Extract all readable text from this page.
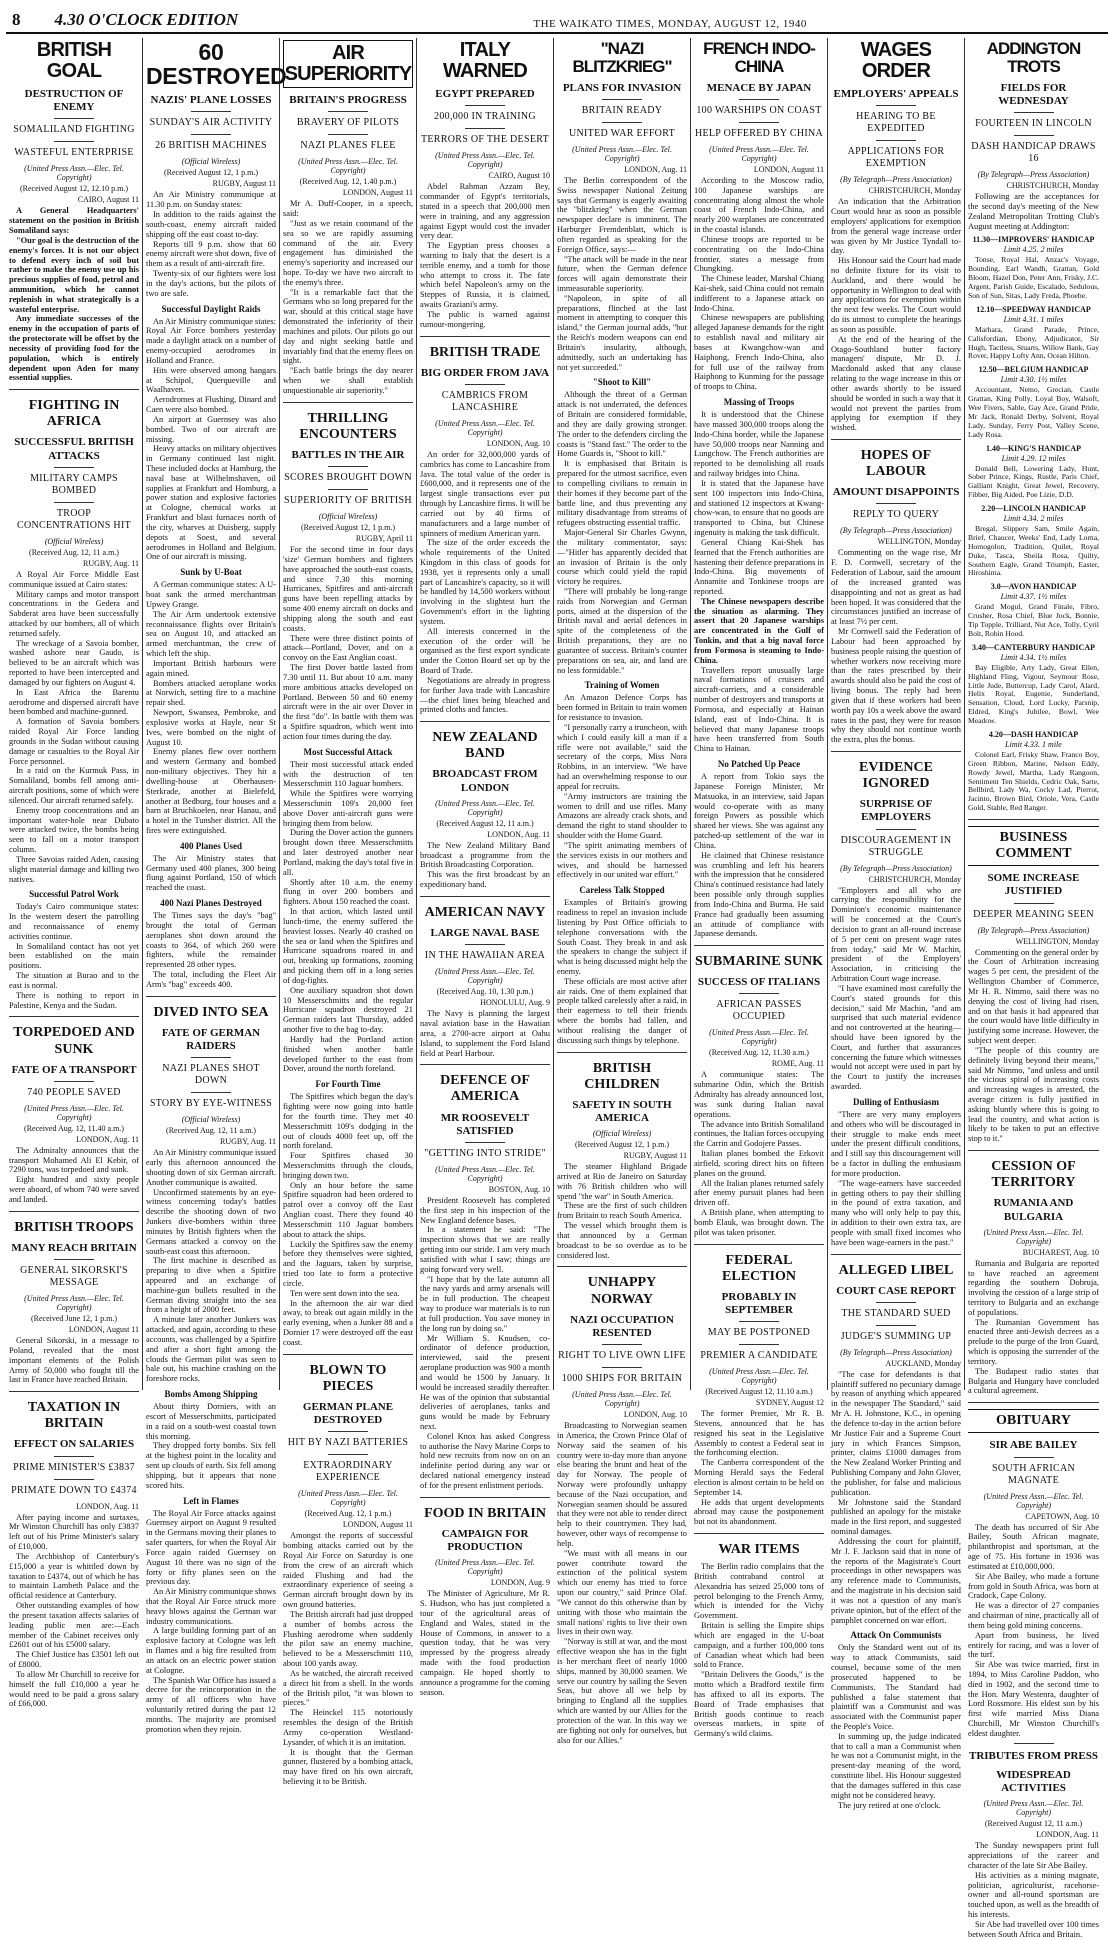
8 4.30 O'CLOCK EDITION	THE WAIKATO TIMES, MONDAY, AUGUST 12, 1940
BRITISH GOAL
DESTRUCTION OF ENEMY
SOMALILAND FIGHTING
WASTEFUL ENTERPRISE
(United Press Assn.—Elec. Tel. Copyright)
(Received August 12, 12.10 p.m.)
CAIRO, August 11

A General Headquarters' statement on the position in British Somaliland says:

"Our goal is the destruction of the enemy's forces. It is not our object to defend every inch of soil but rather to make the enemy use up his precious supplies of food, petrol and ammunition, which he cannot replenish in what strategically is a wasteful enterprise.

Any immediate successes of the enemy in the occupation of parts of the protectorate will be offset by the necessity of providing food for the population, which is entirely dependent upon Aden for many essential supplies.

FIGHTING IN AFRICA
SUCCESSFUL BRITISH ATTACKS
MILITARY CAMPS BOMBED
TROOP CONCENTRATIONS HIT
(Official Wireless)
(Received Aug. 12, 11 a.m.)
RUGBY, Aug. 11

A Royal Air Force Middle East communique issued at Cairo states:

Military camps and motor transport concentrations in the Gedera and Sabderat area have been successfully attacked by our bombers, all of which returned safely.

The wreckage of a Savoia bomber, washed ashore near Gaudo, is believed to be an aircraft which was reported to have been intercepted and damaged by our fighters on August 4.

In East Africa the Barentu aerodrome and dispersed aircraft have been bombed and machine-gunned.

A formation of Savoia bombers raided Royal Air Force landing grounds in the Sudan without causing damage or casualties to the Royal Air Force personnel.

In a raid on the Kurmuk Pass, in Somaliland, bombs fell among anti-aircraft positions, some of which were silenced. Our aircraft returned safely.

Enemy troop concentrations and an important water-hole near Dubato were attacked twice, the bombs being seen to fall on a motor transport column.

Three Savoias raided Aden, causing slight material damage and killing two natives.

Successful Patrol Work

Today's Cairo communique states: In the western desert the patrolling and reconnaissance of enemy activities continue.

In Somaliland contact has not yet been established on the main positions.

The situation at Burao and to the east is normal.

There is nothing to report in Palestine, Kenya and the Sudan.

TORPEDOED AND SUNK
FATE OF A TRANSPORT
740 PEOPLE SAVED
(United Press Assn.—Elec. Tel. Copyright)
(Received Aug. 12, 11.40 a.m.)
LONDON, Aug. 11

The Admiralty announces that the transport Mohamed Ali El Kebir, of 7290 tons, was torpedoed and sunk.

Eight hundred and sixty people were aboard, of whom 740 were saved and landed.

BRITISH TROOPS
MANY REACH BRITAIN
GENERAL SIKORSKI'S MESSAGE
(United Press Assn.—Elec. Tel. Copyright)
(Received June 12, 1 p.m.)
LONDON, August 11

General Sikorski, in a message to Poland, revealed that the most important elements of the Polish Army of 50,000 who fought till the last in France have reached Britain.

TAXATION IN BRITAIN
EFFECT ON SALARIES
PRIME MINISTER'S £3837
PRIMATE DOWN TO £4374
LONDON, Aug. 11

After paying income and surtaxes, Mr Winston Churchill has only £3837 left out of his Prime Minister's salary of £10,000.

The Archbishop of Canterbury's £15,000 a year is whittled down by taxation to £4374, out of which he has to maintain Lambeth Palace and the official residence at Canterbury.

Other outstanding examples of how the present taxation affects salaries of leading public men are:—Each member of the Cabinet receives only £2601 out of his £5000 salary.

The Chief Justice has £3501 left out of £8000.

To allow Mr Churchill to receive for himself the full £10,000 a year he would need to be paid a gross salary of £66,000.

60 DESTROYED
NAZIS' PLANE LOSSES
SUNDAY'S AIR ACTIVITY
26 BRITISH MACHINES
(Official Wireless)
(Received August 12, 1 p.m.)
RUGBY, August 11

An Air Ministry communique at 11.30 p.m. on Sunday states:

In addition to the raids against the south-coast, enemy aircraft raided shipping off the east coast to-day.

Reports till 9 p.m. show that 60 enemy aircraft were shot down, five of them as a result of anti-aircraft fire.

Twenty-six of our fighters were lost in the day's actions, but the pilots of two are safe.

Successful Daylight Raids

An Air Ministry communique states: Royal Air Force bombers yesterday made a daylight attack on a number of enemy-occupied aerodromes in Holland and France.

Hits were observed among hangars at Schipol, Querqueville and Waalhaven.

Aerodromes at Flushing, Dinard and Caen were also bombed.

An airport at Guernsey was also bombed. Two of our aircraft are missing.

Heavy attacks on military objectives in Germany continued last night. These included docks at Hamburg, the naval base at Wilhelmshaven, oil supplies at Frankfurt and Homburg, a power station and explosive factories at Cologne, chemical works at Frankfurt and blast furnaces north of the city, wharves at Duisberg, supply depots at Soest, and several aerodromes in Holland and Belgium. One of our aircraft is missing.

Sunk by U-Boat

A German communique states: A U-boat sank the armed merchantman Upwey Grange.

The Air Arm undertook extensive reconnaissance flights over Britain's sea on August 10, and attacked an armed merchantman, the crew of which left the ship.

Important British harbours were again mined.

Bombers attacked aeroplane works at Norwich, setting fire to a machine repair shed.

Newport, Swansea, Pembroke, and explosive works at Hayle, near St Ives, were bombed on the night of August 10.

Enemy planes flew over northern and western Germany and bombed non-military objectives. They hit a dwelling-house at Oberhausen-Sterkrade, another at Bielefeld, another at Bedburg, four houses and a barn at Bruchkoelen, near Hanau, and a hotel in the Tunsher district. All the fires were extinguished.

400 Planes Used

The Air Ministry states that Germany used 400 planes, 300 being flung against Portland, 150 of which reached the coast.

400 Nazi Planes Destroyed

The Times says the day's "bag" brought the total of German aeroplanes shot down around the coasts to 364, of which 260 were fighters, while the remainder represented 28 other types.

The total, including the Fleet Air Arm's "bag" exceeds 400.

DIVED INTO SEA
FATE OF GERMAN RAIDERS
NAZI PLANES SHOT DOWN
STORY BY EYE-WITNESS
(Official Wireless)
(Received Aug. 12, 11 a.m.)
RUGBY, Aug. 11

An Air Ministry communique issued early this afternoon announced the shooting down of six German aircraft. Another communique is awaited.

Unconfirmed statements by an eye-witness concerning today's battles describe the shooting down of two Junkers dive-bombers within three minutes by British fighters when the Germans attacked a convoy on the south-east coast this afternoon.

The first machine is described as preparing to dive when a Spitfire appeared and an exchange of machine-gun bullets resulted in the German diving straight into the sea from a height of 2000 feet.

A minute later another Junkers was attacked, and again, according to these accounts, was challenged by a Spitfire and after a short fight among the clouds the German pilot was seen to bale out, his machine crashing on the foreshore rocks.

Bombs Among Shipping

About thirty Dorniers, with an escort of Messerschmitts, participated in a raid on a south-west coastal town this morning.

They dropped forty bombs. Six fell at the highest point in the locality and sent up clouds of earth. Six fell among shipping, but it appears that none scored hits.

Left in Flames

The Royal Air Force attacks against Guernsey airport on August 9 resulted in the Germans moving their planes to safer quarters, for when the Royal Air Force again raided Guernsey on August 10 there was no sign of the forty or fifty planes seen on the previous day.

An Air Ministry communique shows that the Royal Air Force struck more heavy blows against the German war industry communications.

A large building forming part of an explosive factory at Cologne was left in flames and a big fire resulted from an attack on an electric power station at Cologne.

The Spanish War Office has issued a decree for the reincorporation in the army of all officers who have voluntarily retired during the past 12 months. The majority are promised promotion when they rejoin.

AIR SUPERIORITY
BRITAIN'S PROGRESS
BRAVERY OF PILOTS
NAZI PLANES FLEE
(United Press Assn.—Elec. Tel. Copyright)
(Received Aug. 12, 1.40 p.m.)
LONDON, August 11

Mr A. Duff-Cooper, in a speech, said:

"Just as we retain command of the sea so we are rapidly assuming command of the air. Every engagement has diminished the enemy's superiority and increased our hope. To-day we have two aircraft to the enemy's three.

"It is a remarkable fact that the Germans who so long prepared for the war, should at this critical stage have demonstrated the inferiority of their machines and pilots. Our pilots go out day and night seeking battle and invariably find that the enemy flees on sight.

"Each battle brings the day nearer when we shall establish unquestionable air superiority."

THRILLING ENCOUNTERS
BATTLES IN THE AIR
SCORES BROUGHT DOWN
SUPERIORITY OF BRITISH
(Official Wireless)
(Received August 12, 1 p.m.)
RUGBY, April 11

For the second time in four days 'size' German bombers and fighters have approached the south-east coasts, and since 7.30 this morning Hurricanes, Spitfires and anti-aircraft guns have been repelling attacks by some 400 enemy aircraft on docks and shipping along the south and east coasts.

There were three distinct points of attack—Portland, Dover, and on a convoy on the East Anglian coast.

The first Dover battle lasted from 7.30 until 11. But about 10 a.m. many more ambitious attacks developed on Portland. Between 50 and 60 enemy aircraft were in the air over Dover in the first "do". In battle with them was a Spitfire squadron, which went into action four times during the day.

Most Successful Attack

Their most successful attack ended with the destruction of ten Messerschmitt 110 Jaguar bombers.

While the Spitfires were worrying Messerschmitt 109's 20,000 feet above Dover anti-aircraft guns were bringing them from below.

During the Dover action the gunners brought down three Messerschmitts and later destroyed another near Portland, making the day's total five in all.

Shortly after 10 a.m. the enemy flung in over 200 bombers and fighters. About 150 reached the coast.

In that action, which lasted until lunch-time, the enemy suffered the heaviest losses. Nearly 40 crashed on the sea or land when the Spitfires and Hurricane squadrons roared in and out, breaking up formations, zooming and picking them off in a long series of dog-fights.

One auxiliary squadron shot down 10 Messerschmitts and the regular Hurricane squadron destroyed 21 German raiders last Thursday, added another five to the bag to-day.

Hardly had the Portland action finished when another battle developed further to the east from Dover, around the north foreland.

For Fourth Time

The Spitfires which began the day's fighting were now going into battle for the fourth time. They met 40 Messerschmitt 109's dodging in the out of clouds 4000 feet up, off the north foreland.

Four Spitfires chased 30 Messerschmitts through the clouds, bringing down two.

Only an hour before the same Spitfire squadron had been ordered to patrol over a convoy off the East Anglian coast. There they found 40 Messerschmitt 110 Jaguar bombers about to attack the ships.

Luckily the Spitfires saw the enemy before they themselves were sighted, and the Jaguars, taken by surprise, tried too late to form a protective circle.

Ten were sent down into the sea.

In the afternoon the air war died away, to break out again mildly in the early evening, when a Junker 88 and a Dornier 17 were destroyed off the east coast.

BLOWN TO PIECES
GERMAN PLANE DESTROYED
HIT BY NAZI BATTERIES
EXTRAORDINARY EXPERIENCE
(United Press Assn.—Elec. Tel. Copyright)
(Received Aug. 12, 1 p.m.)
LONDON, August 11

Amongst the reports of successful bombing attacks carried out by the Royal Air Force on Saturday is one from the crew of an aircraft which raided Flushing and had the extraordinary experience of seeing a German aircraft brought down by its own ground batteries.

The British aircraft had just dropped a number of bombs across the Flushing aerodrome when suddenly the pilot saw an enemy machine, believed to be a Messerschmitt 110, about 100 yards away.

As he watched, the aircraft received a direct hit from a shell. In the words of the British pilot, "it was blown to pieces."

The Heinckel 115 notoriously resembles the design of the British Army co-operation Westland-Lysander, of which it is an imitation.

It is thought that the German gunner, flustered by a bombing attack, may have fired on his own aircraft, believing it to be British.

ITALY WARNED
EGYPT PREPARED
200,000 IN TRAINING
TERRORS OF THE DESERT
(United Press Assn.—Elec. Tel. Copyright)
CAIRO, August 10

Abdel Rahman Azzam Bey, commander of Egypt's territorials, stated in a speech that 200,000 men were in training, and any aggression against Egypt would cost the invader very dear.

The Egyptian press chooses a warning to Italy that the desert is a terrible enemy, and a tomb for those who attempt to cross it. The fate which befel Napoleon's army on the Steppes of Russia, it is claimed, awaits Graziani's army.

The public is warned against rumour-mongering.

BRITISH TRADE
BIG ORDER FROM JAVA
CAMBRICS FROM LANCASHIRE
(United Press Assn.—Elec. Tel. Copyright)
LONDON, Aug. 10

An order for 32,000,000 yards of cambrics has come to Lancashire from Java. The total value of the order is £600,000, and it represents one of the largest single transactions ever put through by Lancashire firms. It will be carried out by 40 firms of manufacturers and a large number of spinners of medium American yarn.

The size of the order exceeds the whole requirements of the United Kingdom in this class of goods for 1938, yet it represents only a small part of Lancashire's capacity, so it will be handled by 14,500 workers without involving in the slightest hurt the Government's effort in the lighting system.

All interests concerned in the execution of the order will be organised as the first export syndicate under the Cotton Board set up by the Board of Trade.

Negotiations are already in progress for further Java trade with Lancashire—the chief lines being bleached and printed cloths and fancies.

NEW ZEALAND BAND
BROADCAST FROM LONDON
(United Press Assn.—Elec. Tel. Copyright)
(Received August 12, 11 a.m.)
LONDON, Aug. 11

The New Zealand Military Band broadcast a programme from the British Broadcasting Corporation.

This was the first broadcast by an expeditionary band.

AMERICAN NAVY
LARGE NAVAL BASE
IN THE HAWAIIAN AREA
(United Press Assn.—Elec. Tel. Copyright)
(Received Aug. 10, 1.30 p.m.)
HONOLULU, Aug. 9

The Navy is planning the largest naval aviation base in the Hawaiian area, a 2700-acre airport at Oahu Island, to supplement the Ford Island field at Pearl Harbour.

DEFENCE OF AMERICA
MR ROOSEVELT SATISFIED
"GETTING INTO STRIDE"
(United Press Assn.—Elec. Tel. Copyright)
BOSTON, Aug. 10

President Roosevelt has completed the first step in his inspection of the New England defence bases.

In a statement he said: "The inspection shows that we are really getting into our stride. I am very much satisfied with what I saw; things are going forward very well.

"I hope that by the late autumn all the navy yards and army arsenals will be in full production. The cheapest way to produce war materials is to run at full production. You save money in the long run by doing so."

Mr William S. Knudsen, co-ordinator of defence production, interviewed, said the present aeroplane production was 900 a month and would be 1500 by January. It would be increased steadily thereafter. He was of the opinion that substantial deliveries of aeroplanes, tanks and guns would be made by February next.

Colonel Knox has asked Congress to authorise the Navy Marine Corps to hold new recruits from now on on an indefinite period during any war or declared national emergency instead of for the present enlistment periods.

FOOD IN BRITAIN
CAMPAIGN FOR PRODUCTION
(United Press Assn.—Elec. Tel. Copyright)
LONDON, Aug. 9

The Minister of Agriculture, Mr R. S. Hudson, who has just completed a tour of the agricultural areas of England and Wales, stated in the House of Commons, in answer to a question today, that he was very impressed by the progress already made with the food production campaign. He hoped shortly to announce a programme for the coming season.

"NAZI BLITZKRIEG"
PLANS FOR INVASION
BRITAIN READY
UNITED WAR EFFORT
(United Press Assn.—Elec. Tel. Copyright)
LONDON, Aug. 11

The Berlin correspondent of the Swiss newspaper National Zeitung says that Germany is eagerly awaiting the "blitzkrieg" when the German newspaper declare is imminent. The Harburger Fremdenblatt, which is often regarded as speaking for the Foreign Office, says:—

"The attack will be made in the near future, when the German defence forces will again demonstrate their immeasurable superiority.

"Napoleon, in spite of all preparations, flinched at the last moment in attempting to conquer this island," the German journal adds, "but the Reich's modern weapons can end Britain's insularity, although, admittedly, such an undertaking has not yet succeeded."

"Shoot to Kill"

Although the threat of a German attack is not underrated, the defences of Britain are considered formidable, and they are daily growing stronger. The order to the defenders circling the coasts is "Stand fast." The order to the Home Guards is, "Shoot to kill."

It is emphasised that Britain is prepared for the utmost sacrifice, even to compelling civilians to remain in their homes if they become part of the battle line, and thus preventing any military disadvantage from streams of refugees obstructing essential traffic.

Major-General Sir Charles Gwynn, the military commentator, says:—"Hitler has apparently decided that an invasion of Britain is the only course which could yield the rapid victory he requires.

"There will probably be long-range raids from Norwegian and German ports, aimed at the dispersion of the British naval and aerial defences in spite of the completeness of the British preparations, they are no guarantee of success. Britain's counter preparations on sea, air, and land are no less formidable."

Training of Women

An Amazon Defence Corps has been formed in Britain to train women for resistance to invasion.

"I personally carry a truncheon, with which I could easily kill a man if a rifle were not available," said the secretary of the corps, Miss Nora Robbins, in an interview. "We have had an overwhelming response to our appeal for recruits.

"Army instructors are training the women to drill and use rifles. Many Amazons are already crack shots, and demand the right to stand shoulder to shoulder with the Home Guard.

"The spirit animating members of the services exists in our mothers and wives, and should be harnessed effectively in our united war effort."

Careless Talk Stopped

Examples of Britain's growing readiness to repel an invasion include listening by Post Office officials to telephone conversations with the South Coast. They break in and ask the speakers to change the subject if what is being discussed might help the enemy.

These officials are most active after air raids. One of them explained that people talked carelessly after a raid, in their eagerness to tell their friends where the bombs had fallen, and without realising the danger of discussing such things by telephone.

BRITISH CHILDREN
SAFETY IN SOUTH AMERICA
(Official Wireless)
(Received August 12, 1 p.m.)
RUGBY, August 11

The steamer Highland Brigade arrived at Rio de Janeiro on Saturday with 76 British children who will spend "the war" in South America.

These are the first of such children from Britain to reach South America.

The vessel which brought them is that announced by a German broadcast to be so overdue as to be considered lost.

UNHAPPY NORWAY
NAZI OCCUPATION RESENTED
RIGHT TO LIVE OWN LIFE
1000 SHIPS FOR BRITAIN
(United Press Assn.—Elec. Tel. Copyright)
LONDON, Aug. 10

Broadcasting to Norwegian seamen in America, the Crown Prince Olaf of Norway said the seamen of his country were to-day more than anyone else bearing the brunt and heat of the day for Norway. The people of Norway were profoundly unhappy because of the Nazi occupation, and Norwegian seamen should be assured that they were not able to render direct help to their countrymen. They had, however, other ways of recompense to help.

"We must with all means in our power contribute toward the extinction of the political system which our enemy has tried to force upon our country," said Prince Olaf. "We cannot do this otherwise than by uniting with those who maintain the small nations' rights to live their own lives in their own way.

"Norway is still at war, and the most effective weapon she has in the fight is her merchant fleet of nearly 1000 ships, manned by 30,000 seamen. We serve our country by sailing the Seven Seas, but above all we help by bringing to England all the supplies which are wanted by our Allies for the protection of the war. In this way we are fighting not only for ourselves, but also for our Allies."

FRENCH INDO-CHINA
MENACE BY JAPAN
100 WARSHIPS ON COAST
HELP OFFERED BY CHINA
(United Press Assn.—Elec. Tel. Copyright)
LONDON, August 11

According to the Moscow radio, 100 Japanese warships are concentrating along almost the whole coast of French Indo-China, and nearly 200 warplanes are concentrated in the coastal islands.

Chinese troops are reported to be concentrating on the Indo-China frontier, states a message from Chungking.

The Chinese leader, Marshal Chiang Kai-shek, said China could not remain indifferent to a Japanese attack on Indo-China.

Chinese newspapers are publishing alleged Japanese demands for the right to establish naval and military air bases at Kwangchow-wan and Haiphong, French Indo-China, also for full use of the railway from Haiphong to Kunming for the passage of troops to China.

Massing of Troops

It is understood that the Chinese have massed 300,000 troops along the Indo-China border, while the Japanese have 50,000 troops near Nanning and Lungchow. The French authorities are reported to be demolishing all roads and railway bridges into China.

It is stated that the Japanese have sent 100 inspectors into Indo-China, and stationed 12 inspectors at Kwang-chow-wan, to ensure that no goods are transported to China, but Chinese ingenuity is making the task difficult.

General Chiang Kai-Shek has learned that the French authorities are hastening their defence preparations in Indo-China. Big movements of Annamite and Tonkinese troops are reported.

The Chinese newspapers describe the situation as alarming. They assert that 20 Japanese warships are concentrated in the Gulf of Tonkin, and that a big naval force from Formosa is steaming to Indo-China.

Travellers report unusually large naval formations of cruisers and aircraft-carriers, and a considerable number of destroyers and transports at Formosa, and especially at Hainan Island, east of Indo-China. It is believed that many Japanese troops have been transferred from South China to Hainan.

No Patched Up Peace

A report from Tokio says the Japanese Foreign Minister, Mr Matsuoka, in an interview, said Japan would co-operate with as many foreign Powers as possible which shared her views. She was against any patched-up settlement of the war in China.

He claimed that Chinese resistance was crumbling and left his hearers with the impression that he considered China's continued resistance had lately been possible only through supplies from Indo-China and Burma. He said France had gradually been assuming an attitude of compliance with Japanese demands.

SUBMARINE SUNK
SUCCESS OF ITALIANS
AFRICAN PASSES OCCUPIED
(United Press Assn.—Elec. Tel. Copyright)
(Received Aug. 12, 11.30 a.m.)
ROME, Aug. 11

A communique states: The submarine Odin, which the British Admiralty has already announced lost, was sunk during Italian naval operations.

The advance into British Somaliland continues, the Italian forces occupying the Carrin and Godojere Passes.

Italian planes bombed the Erkovit airfield, scoring direct hits on fifteen planes on the ground.

All the Italian planes returned safely after enemy pursuit planes had been driven off.

A British plane, when attempting to bomb Elauk, was brought down. The pilot was taken prisoner.

FEDERAL ELECTION
PROBABLY IN SEPTEMBER
MAY BE POSTPONED
PREMIER A CANDIDATE
(United Press Assn.—Elec. Tel. Copyright)
(Received August 12, 11.10 a.m.)
SYDNEY, August 12

The former Premier, Mr R. B. Stevens, announced that he has resigned his seat in the Legislative Assembly to contest a Federal seat in the forthcoming election.

The Canberra correspondent of the Morning Herald says the Federal election is almost certain to be held on September 14.

He adds that urgent developments abroad may cause the postponement but not its abandonment.

WAR ITEMS

The Berlin radio complains that the British contraband control at Alexandria has seized 25,000 tons of petrol belonging to the French Army, which is intended for the Vichy Government.

Britain is selling the Empire ships which are engaged in the U-boat campaign, and a further 100,000 tons of Canadian wheat which had been sold to France.

"Britain Delivers the Goods," is the motto which a Bradford textile firm has affixed to all its exports. The Board of Trade emphasises that British goods continue to reach overseas markets, in spite of Germany's wild claims.

WAGES ORDER
EMPLOYERS' APPEALS
HEARING TO BE EXPEDITED
APPLICATIONS FOR EXEMPTION
(By Telegraph—Press Association)
CHRISTCHURCH, Monday

An indication that the Arbitration Court would hear as soon as possible employers' applications for exemption from the general wage increase order was given by Mr Justice Tyndall to-day.

His Honour said the Court had made no definite fixture for its visit to Auckland, and there would be opportunity in Wellington to deal with any applications for exemption within the next few weeks. The Court would do its utmost to complete the hearings as soon as possible.

At the end of the hearing of the Otago-Southland butter factory managers' dispute, Mr D. J. Macdonald asked that any clause relating to the wage increase in this or other awards shortly to be issued should be worded in such a way that it would not prevent the parties from applying for exemption if they wished.

HOPES OF LABOUR
AMOUNT DISAPPOINTS
REPLY TO QUERY
(By Telegraph—Press Association)
WELLINGTON, Monday

Commenting on the wage rise, Mr F. D. Cornwell, secretary of the Federation of Labour, said the amount of the increased granted was disappointing and not as great as had been hoped. It was considered that the circumstances justified an increase of at least 7½ per cent.

Mr Cornwell said the Federation of Labour had been approached by business people raising the question of whether workers now receiving more than the rates prescribed by their awards should also be paid the cost of living bonus. The reply had been given that if these workers had been worth pay 10s a week above the award rates in the past, they were for reason why they should not continue worth the extra, plus the bonus.

EVIDENCE IGNORED
SURPRISE OF EMPLOYERS
DISCOURAGEMENT IN STRUGGLE
(By Telegraph—Press Association)
CHRISTCHURCH, Monday

"Employers and all who are carrying the responsibility for the Dominion's economic maintenance will be concerned at the Court's decision to grant an all-round increase of 5 per cent on present wage rates from today," said Mr W. Machin, president of the Employers' Association, in criticising the Arbitration Court wage increase.

"I have examined most carefully the Court's stated grounds for this decision," said Mr Machin, "and am surprised that such material evidence and not controverted at the hearing—should have been ignored by the Court, and further that assurances concerning the future which witnesses would not accept were used in part by the Court to justify the increases awarded.

Dulling of Enthusiasm

"There are very many employers and others who will be discouraged in their struggle to make ends meet under the present difficult conditions, and I still say this discouragement will be a factor in dulling the enthusiasm for more production.

"The wage-earners have succeeded in getting others to pay their shilling in the pound of extra taxation, and many who will only help to pay this, in addition to their own extra tax, are people with small fixed incomes who have been wage-earners in the past."

ALLEGED LIBEL
COURT CASE REPORT
THE STANDARD SUED
JUDGE'S SUMMING UP
(By Telegraph—Press Association)
AUCKLAND, Monday

"The case for defendants is that plaintiff suffered no pecuniary damage by reason of anything which appeared in the newspaper The Standard," said Mr A. H. Johnstone, K.C., in opening the defence to-day in the action before Mr Justice Fair and a Supreme Court jury in which Frances Simpson, printer, claims £1000 damages from the New Zealand Worker Printing and Publishing Company and John Glover, the publisher, for false and malicious publication.

Mr Johnstone said the Standard published an apology for the mistake made in the first report, and suggested nominal damages.

Addressing the court for plaintiff, Mr J. F. Jackson said that in none of the reports of the Magistrate's Court proceedings in other newspapers was any reference made to Communists, and the magistrate in his decision said it was not a question of any man's private opinion, but of the effect of the pamphlet concerned on war effort.

Attack On Communists

Only the Standard went out of its way to attack Communists, said counsel, because some of the men prosecuted happened to be Communists. The Standard had published a false statement that plaintiff was a Communist and was associated with the Communist paper the People's Voice.

In summing up, the judge indicated that to call a man a Communist when he was not a Communist might, in the present-day meaning of the word, constitute libel. His Honour suggested that the damages suffered in this case might not be considered heavy.

The jury retired at one o'clock.

ADDINGTON TROTS
FIELDS FOR WEDNESDAY
FOURTEEN IN LINCOLN
DASH HANDICAP DRAWS 16
(By Telegraph—Press Association)
CHRISTCHURCH, Monday

Following are the acceptances for the second day's meeting of the New Zealand Metropolitan Trotting Club's August meeting at Addington:

11.30—IMPROVERS' HANDICAP
Limit 4.25. 2 miles

Tonse, Royal Hal, Anzac's Voyage, Bounding, Earl Wandh, Grattan, Gold Bloom, Hazel Don, Peter Ann, Frisky, J.C. Argent, Parish Guide, Escalado, Sedulous, Son of Sun, Sitas, Lady Freda, Phoebe.

12.10—SPEEDWAY HANDICAP
Limit 4.31. 1 miles

Marhara, Grand Parade, Prince, Calisfordian, Ebony, Adjudicator, Sir Hugh, Tactless, Stuarts, Willow Bank, Gay Rover, Happy Lofty Ann, Ocean Hilton.

12.50—BELGIUM HANDICAP
Limit 4.30. 1½ miles

Accountant, Nemo, Grecian, Castle Grattan, King Polly, Loyal Boy, Walsoft, Wee Fivers, Sable, Gay Ace, Grand Pride, Mr Jack, Ronald Derby, Solvent, Royal Lady, Sunday, Ferry Post, Valley Scene, Lady Rosa.

1.40—KING'S HANDICAP
Limit 4.29. 12 miles

Donald Bell, Lowering Lady, Hunt, Sober Prince, Kings, Rustle, Paris Chief, Galliant Knight, Great Jewel, Recovery, Fibber, Big Aided, Poe Lizie, D.D.

2.20—LINCOLN HANDICAP
Limit 4.34. 2 miles

Bregal, Slippery Sam, Smile Again, Brief, Chaucer, Weeks' End, Lady Lorna, Homogolon, Tradition, Quilet, Royal Duke, Tasca, Sheila Rosa, Quilty, Southern Eagle, Grand Triumph, Easter, Hiroshima.

3.0—AVON HANDICAP
Limit 4.37. 1½ miles

Grand Mogul, Grand Finale, Fibro, Crusher, Rosa Chief, Blue Jock, Bonnie, Tip Topple, Trilliard, Nut Ace, Tolly, Cyril Bolt, Robin Hood.

3.40—CANTERBURY HANDICAP
Limit 4.34. 1½ miles

Bay Eligible, Arty Lady, Great Ellen, Highland Fling, Vigour, Seymour Rose, Little Jude, Buttercup, Lady Carol, Alard, Helix Royal, Eugenie, Sunderland, Sensation, Cloud, Lord Lucky, Parsnip, Eldred, King's Jubilee, Bowl, Wee Meadow.

4.20—DASH HANDICAP
Limit 4.33. 1 mile

Colonel Earl, Frisky Shaw, Franco Boy, Green Ribbon, Marine, Nelson Eddy, Rowdy Jewel, Martha, Lady Rangoon, Sentiment Ten Shields, Cedric Oak, Sarte, Bellbird, Lady Wa, Cocky Lad, Pierrot, Jacinto, Brown Bird, Oriole, Vera, Castle Gold, Stable, Red Ranger.

BUSINESS COMMENT
SOME INCREASE JUSTIFIED
DEEPER MEANING SEEN
(By Telegraph—Press Association)
WELLINGTON, Monday

Commenting on the general order by the Court of Arbitration increasing wages 5 per cent, the president of the Wellington Chamber of Commerce, Mr H. R. Nimmo, said there was no denying the cost of living had risen, and on that basis it had appeared that the court would have little difficulty in justifying some increase. However, the subject went deeper.

"The people of this country are definitely living beyond their means," said Mr Nimmo, "and unless and until the vicious spiral of increasing costs and increasing wages is arrested, the average citizen is fully justified in asking bluntly where this is going to lead the country, and what action is likely to be taken to put an effective stop to it."

CESSION OF TERRITORY
RUMANIA AND BULGARIA
(United Press Assn.—Elec. Tel. Copyright)
BUCHAREST, Aug. 10

Rumania and Bulgaria are reported to have reached an agreement regarding the southern Dobruja, involving the cession of a large strip of territory to Bulgaria and an exchange of populations.

The Rumanian Government has enacted three anti-Jewish decrees as a prelude to the purge of the Iron Guard, which is opposing the surrender of the territory.

The Budapest radio states that Bulgaria and Hungary have concluded a cultural agreement.

OBITUARY
SIR ABE BAILEY
SOUTH AFRICAN MAGNATE
(United Press Assn.—Elec. Tel. Copyright)
CAPETOWN, Aug. 10

The death has occurred of Sir Abe Bailey, South African magnate, philanthropist and sportsman, at the age of 75. His fortune in 1936 was estimated at £10,000,000.

Sir Abe Bailey, who made a fortune from gold in South Africa, was born at Cradock, Cape Colony.

He was a director of 27 companies and chairman of nine, practically all of them being gold mining concerns.

Apart from business, he lived entirely for racing, and was a lover of the turf.

Sir Abe was twice married, first in 1894, to Miss Caroline Paddon, who died in 1902, and the second time to the Hon. Mary Westenra, daughter of Lord Rossmore. His eldest son by his first wife married Miss Diana Churchill, Mr Winston Churchill's eldest daughter.

TRIBUTES FROM PRESS
WIDESPREAD ACTIVITIES
(United Press Assn.—Elec. Tel. Copyright)
(Received August 12, 11 a.m.)
LONDON, Aug. 11

The Sunday newspapers print full appreciations of the career and character of the late Sir Abe Bailey.

His activities as a mining magnate, politician, agriculturist, racehorse-owner and all-round sportsman are touched upon, as well as the breadth of his interests.

Sir Abe had travelled over 100 times between South Africa and Britain.
